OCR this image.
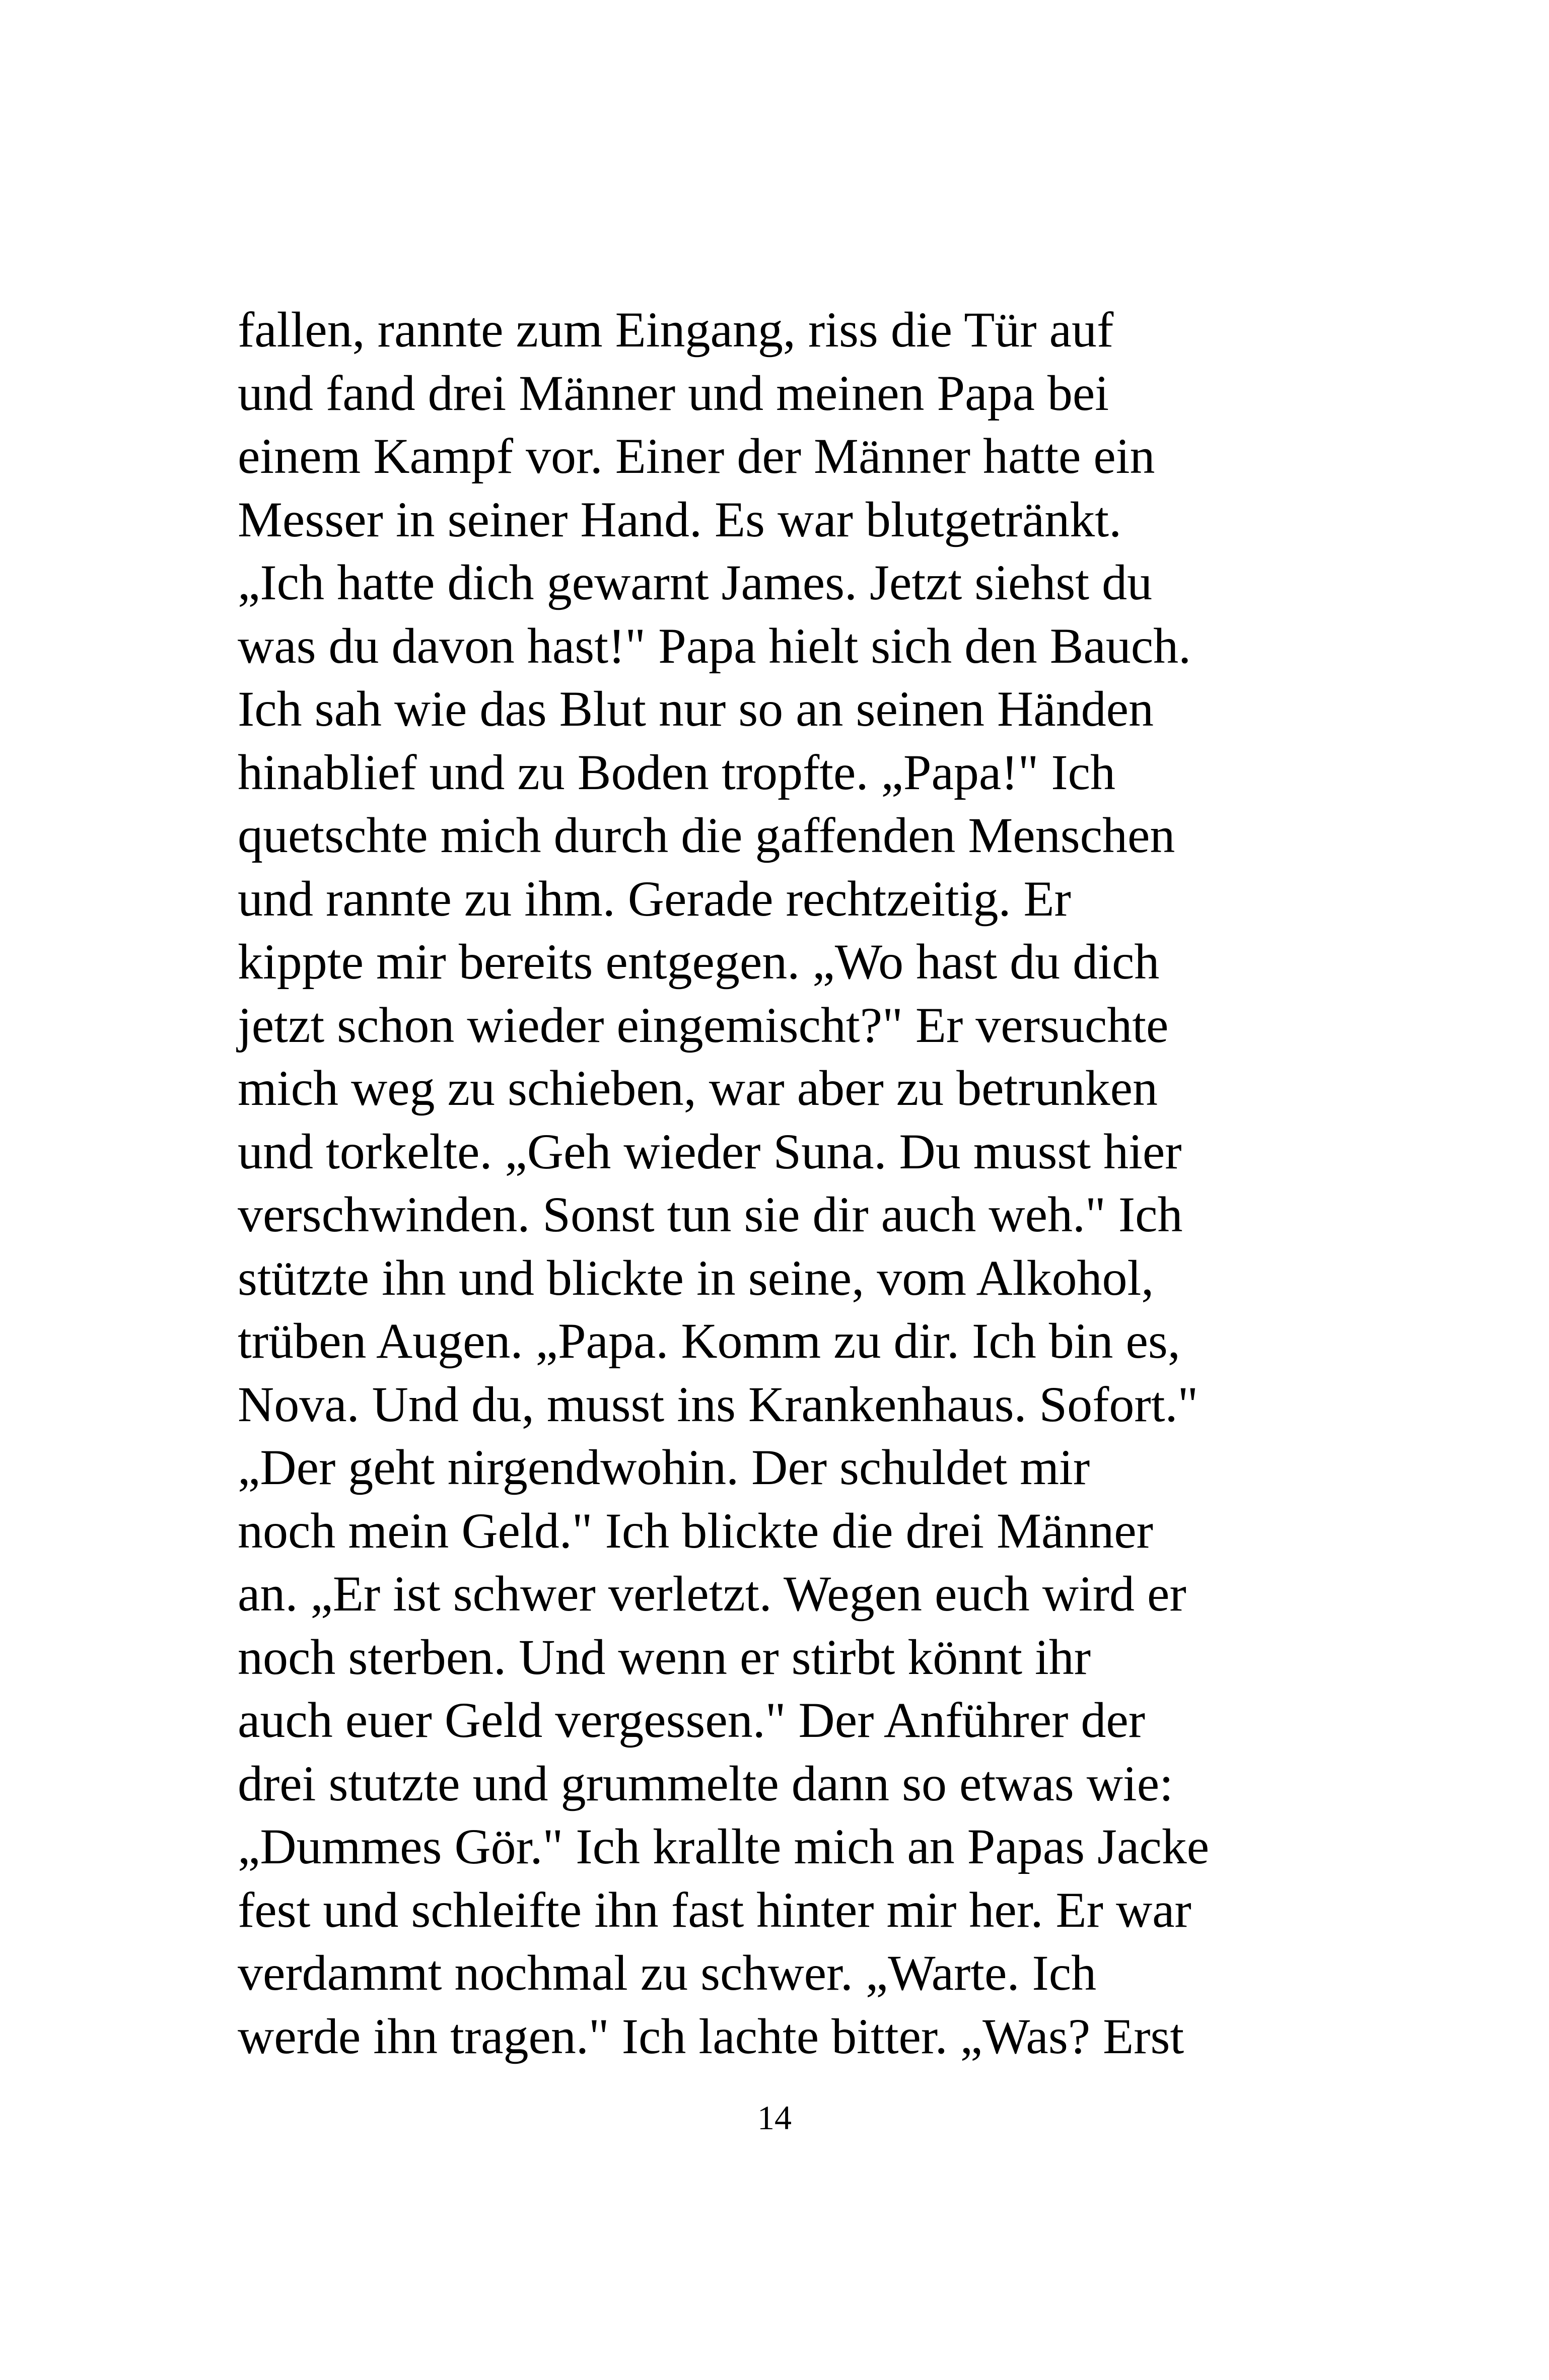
fallen, rannte zum Eingang, riss die Tür auf
und fand drei Männer und meinen Papa bei
einem Kampf vor. Einer der Männer hatte ein
Messer in seiner Hand. Es war blutgetränkt.
„Ich hatte dich gewarnt James. Jetzt siehst du
was du davon hast!" Papa hielt sich den Bauch.
Ich sah wie das Blut nur so an seinen Händen
hinablief und zu Boden tropfte. „Papa!" Ich
quetschte mich durch die gaffenden Menschen
und rannte zu ihm. Gerade rechtzeitig. Er
kippte mir bereits entgegen. „Wo hast du dich
jetzt schon wieder eingemischt?" Er versuchte
mich weg zu schieben, war aber zu betrunken
und torkelte. „Geh wieder Suna. Du musst hier
verschwinden. Sonst tun sie dir auch weh." Ich
stützte ihn und blickte in seine, vom Alkohol,
trüben Augen. „Papa. Komm zu dir. Ich bin es,
Nova. Und du, musst ins Krankenhaus. Sofort."
„Der geht nirgendwohin. Der schuldet mir
noch mein Geld." Ich blickte die drei Männer
an. „Er ist schwer verletzt. Wegen euch wird er
noch sterben. Und wenn er stirbt könnt ihr
auch euer Geld vergessen." Der Anführer der
drei stutzte und grummelte dann so etwas wie:
„Dummes Gör." Ich krallte mich an Papas Jacke
fest und schleifte ihn fast hinter mir her. Er war
verdammt nochmal zu schwer. „Warte. Ich
werde ihn tragen." Ich lachte bitter. „Was? Erst
14
